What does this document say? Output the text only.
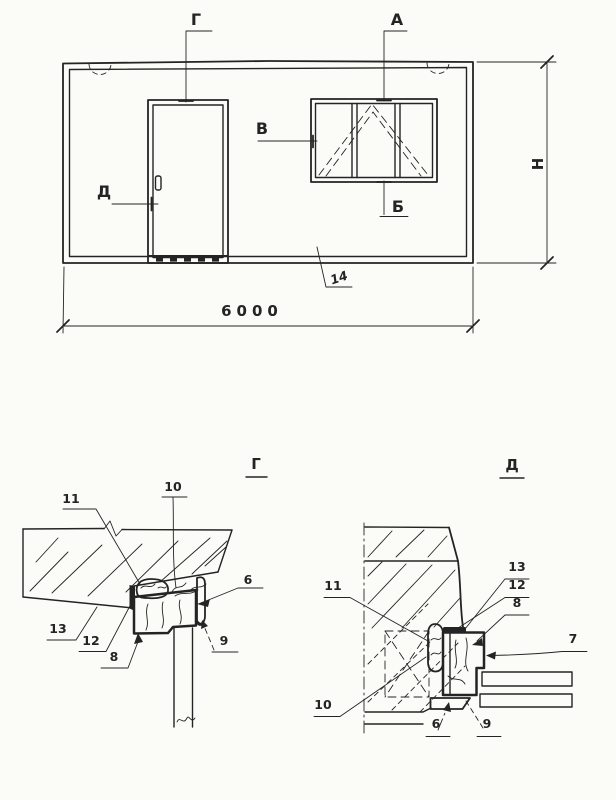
Г	А
В
Д
Б
14
6000
Н
Г
11
10
6
13
12
8
9
Д
11
10
13
12
8
7
6	9
